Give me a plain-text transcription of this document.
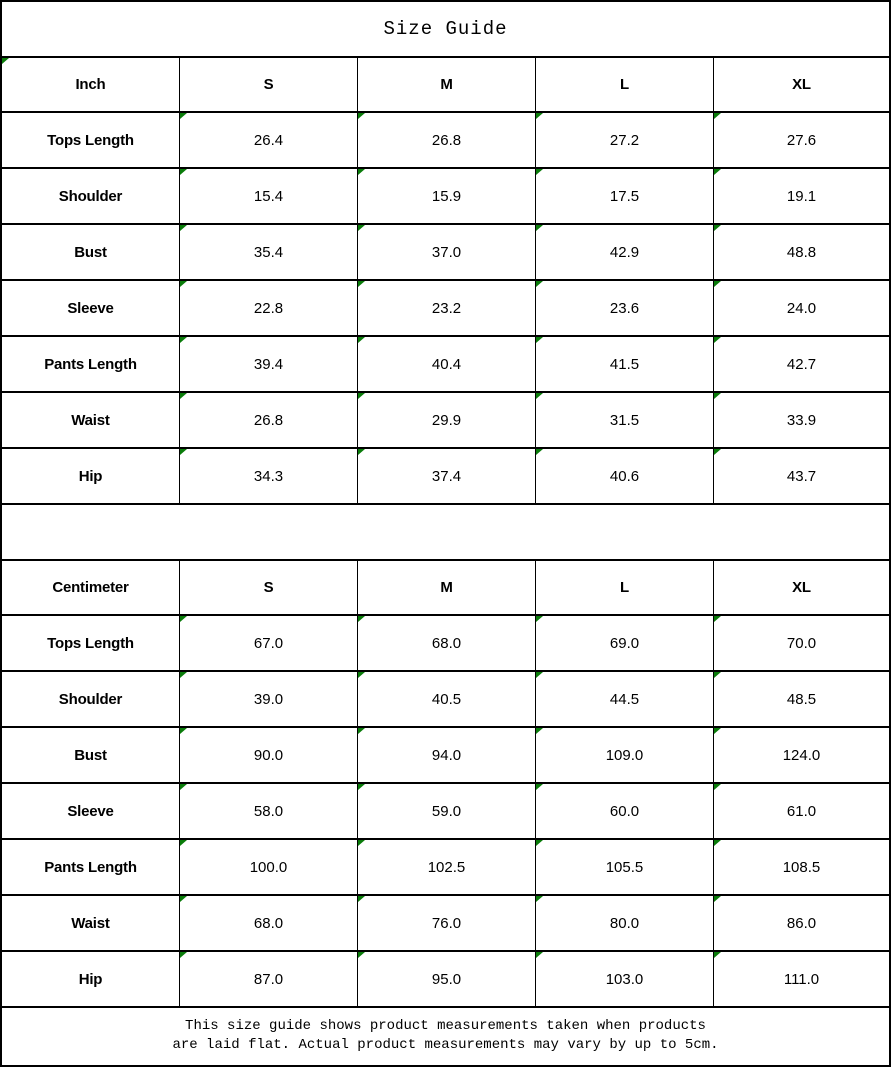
Size Guide
Inch	S	M	L	XL
Tops Length	26.4	26.8	27.2	27.6
Shoulder	15.4	15.9	17.5	19.1
Bust	35.4	37.0	42.9	48.8
Sleeve	22.8	23.2	23.6	24.0
Pants Length	39.4	40.4	41.5	42.7
Waist	26.8	29.9	31.5	33.9
Hip	34.3	37.4	40.6	43.7
Centimeter	S	M	L	XL
Tops Length	67.0	68.0	69.0	70.0
Shoulder	39.0	40.5	44.5	48.5
Bust	90.0	94.0	109.0	124.0
Sleeve	58.0	59.0	60.0	61.0
Pants Length	100.0	102.5	105.5	108.5
Waist	68.0	76.0	80.0	86.0
Hip	87.0	95.0	103.0	111.0
This size guide shows product measurements taken when products
are laid flat. Actual product measurements may vary by up to 5cm.
